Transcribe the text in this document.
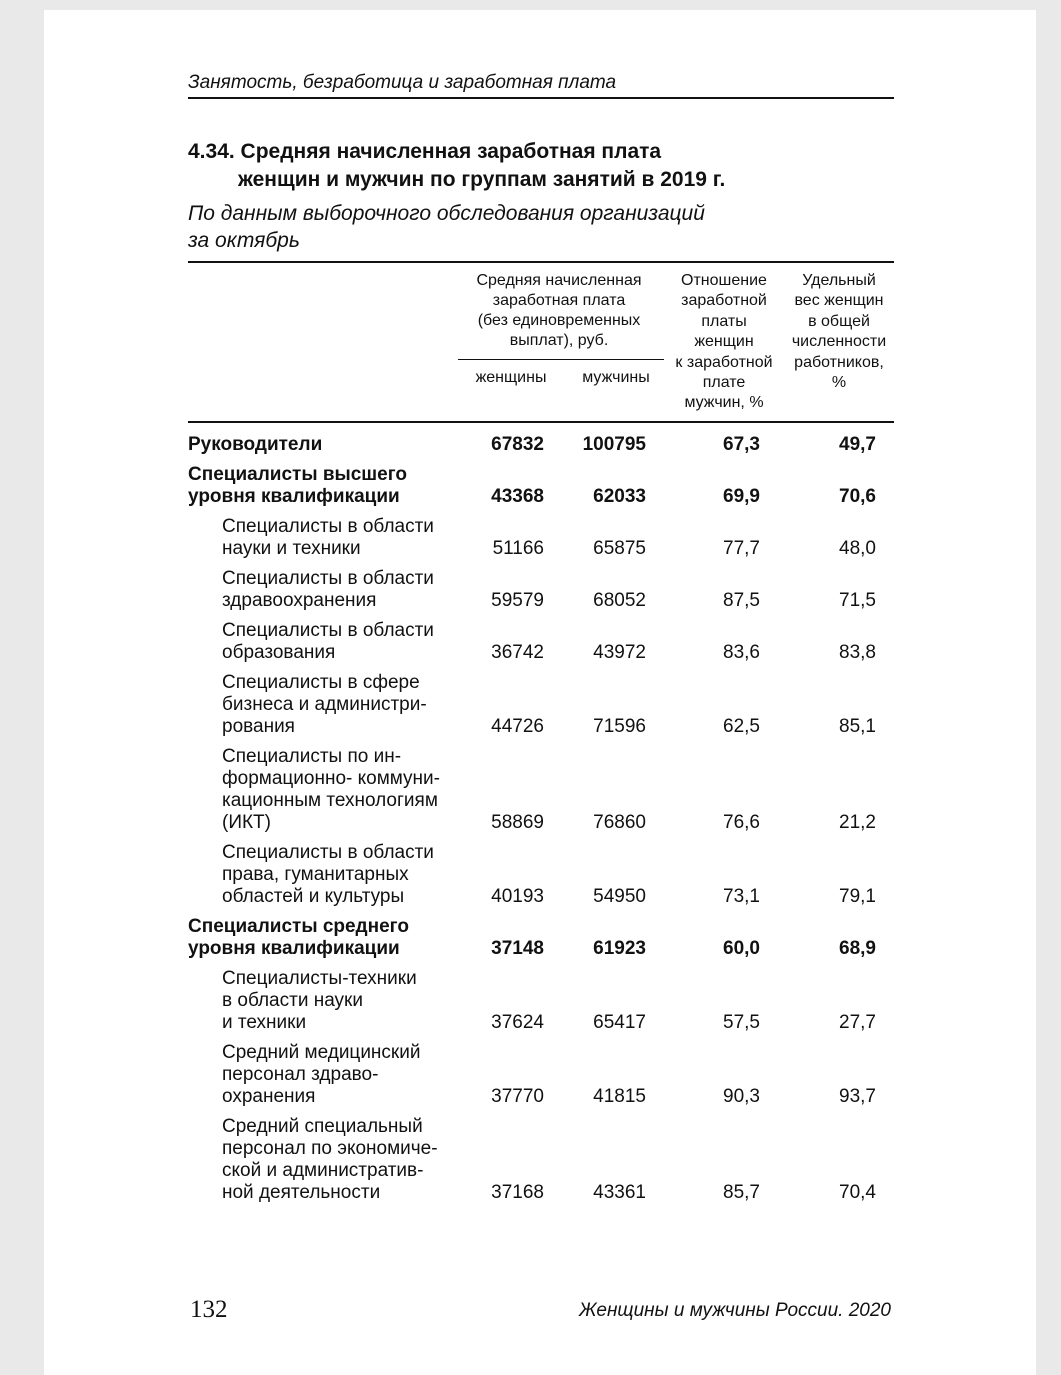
Занятость, безработица и заработная плата
4.34. Средняя начисленная заработная плата
женщин и мужчин по группам занятий в 2019 г.
По данным выборочного обследования организаций
за октябрь
Средняя начисленная
заработная плата
(без единовременных
выплат), руб.
женщины	мужчины
Отношение
заработной
платы
женщин
к заработной
плате
мужчин, %
Удельный
вес женщин
в общей
численности
работников,
%
Руководители	67832	100795	67,3	49,7
Специалисты высшего
уровня квалификации	43368	62033	69,9	70,6
Специалисты в области
науки и техники	51166	65875	77,7	48,0
Специалисты в области
здравоохранения	59579	68052	87,5	71,5
Специалисты в области
образования	36742	43972	83,6	83,8
Специалисты в сфере
бизнеса и администри-
рования	44726	71596	62,5	85,1
Специалисты по ин-
формационно- коммуни-
кационным технологиям
(ИКТ)	58869	76860	76,6	21,2
Специалисты в области
права, гуманитарных
областей и культуры	40193	54950	73,1	79,1
Специалисты среднего
уровня квалификации	37148	61923	60,0	68,9
Специалисты-техники
в области науки
и техники	37624	65417	57,5	27,7
Средний медицинский
персонал здраво-
охранения	37770	41815	90,3	93,7
Средний специальный
персонал по экономиче-
ской и административ-
ной деятельности	37168	43361	85,7	70,4
132	Женщины и мужчины России. 2020
